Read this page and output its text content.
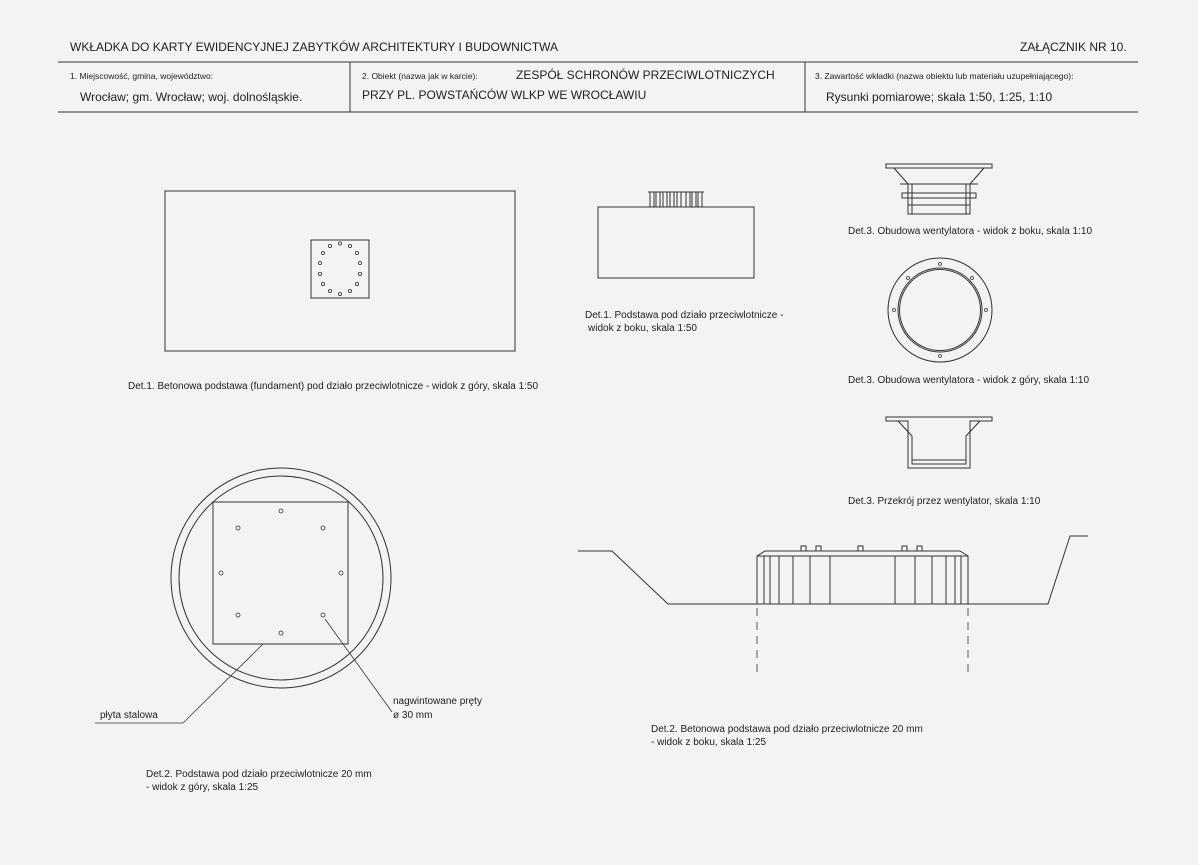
WKŁADKA DO KARTY EWIDENCYJNEJ ZABYTKÓW ARCHITEKTURY I BUDOWNICTWA	ZAŁĄCZNIK NR 10.
1. Miejscowość, gmina, województwo:
Wrocław; gm. Wrocław; woj. dolnośląskie.
2. Obiekt (nazwa jak w karcie):	ZESPÓŁ SCHRONÓW PRZECIWLOTNICZYCH
PRZY PL. POWSTAŃCÓW WLKP WE WROCŁAWIU
3. Zawartość wkładki (nazwa obiektu lub materiału uzupełniającego):
Rysunki pomiarowe; skala 1:50, 1:25, 1:10
Det.1. Betonowa podstawa (fundament) pod działo przeciwlotnicze - widok z góry, skala 1:50
Det.1. Podstawa pod działo przeciwlotnicze -
widok z boku, skala 1:50
Det.3. Obudowa wentylatora - widok z boku, skala 1:10
Det.3. Obudowa wentylatora - widok z góry, skala 1:10
Det.3. Przekrój przez wentylator, skala 1:10
Det.2. Podstawa pod działo przeciwlotnicze 20 mm
- widok z góry, skala 1:25
Det.2. Betonowa podstawa pod działo przeciwlotnicze 20 mm
- widok z boku, skala 1:25
płyta stalowa
nagwintowane pręty
ø 30 mm
